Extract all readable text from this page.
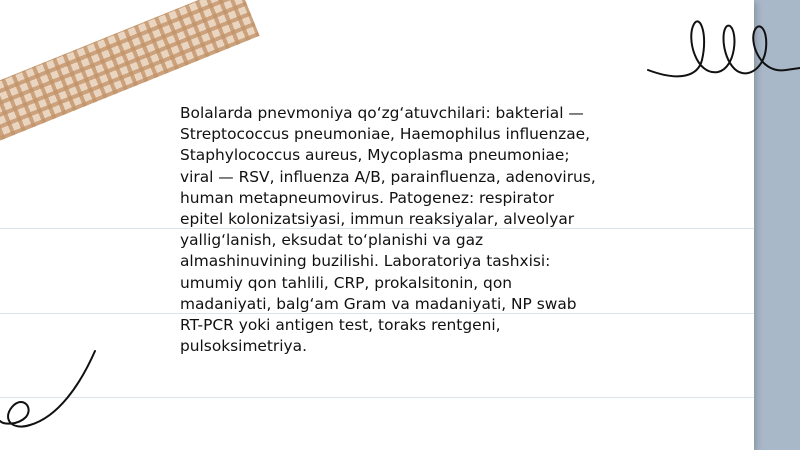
Bolalarda pnevmoniya qo‘zg‘atuvchilari: bakterial —
Streptococcus pneumoniae, Haemophilus influenzae,
Staphylococcus aureus, Mycoplasma pneumoniae;
viral — RSV, influenza A/B, parainfluenza, adenovirus,
human metapneumovirus. Patogenez: respirator
epitel kolonizatsiyasi, immun reaksiyalar, alveolyar
yallig‘lanish, eksudat to‘planishi va gaz
almashinuvining buzilishi. Laboratoriya tashxisi:
umumiy qon tahlili, CRP, prokalsitonin, qon
madaniyati, balg‘am Gram va madaniyati, NP swab
RT-PCR yoki antigen test, toraks rentgeni,
pulsoksimetriya.
